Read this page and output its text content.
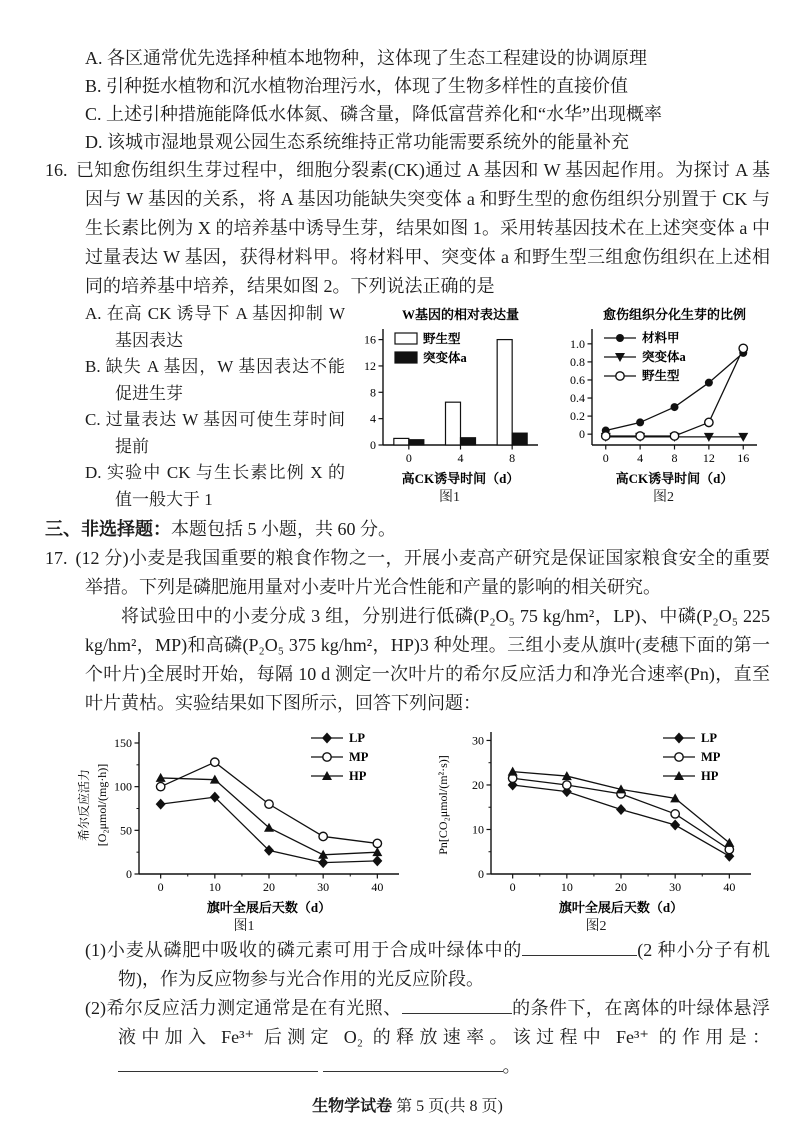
A. 各区通常优先选择种植本地物种，这体现了生态工程建设的协调原理
B. 引种挺水植物和沉水植物治理污水，体现了生物多样性的直接价值
C. 上述引种措施能降低水体氮、磷含量，降低富营养化和“水华”出现概率
D. 该城市湿地景观公园生态系统维持正常功能需要系统外的能量补充
16. 已知愈伤组织生芽过程中，细胞分裂素(CK)通过 A 基因和 W 基因起作用。为探讨 A 基因与 W 基因的关系，将 A 基因功能缺失突变体 a 和野生型的愈伤组织分别置于 CK 与生长素比例为 X 的培养基中诱导生芽，结果如图 1。采用转基因技术在上述突变体 a 中过量表达 W 基因，获得材料甲。将材料甲、突变体 a 和野生型三组愈伤组织在上述相同的培养基中培养，结果如图 2。下列说法正确的是
A. 在高 CK 诱导下 A 基因抑制 W 基因表达
B. 缺失 A 基因，W 基因表达不能促进生芽
C. 过量表达 W 基因可使生芽时间提前
D. 实验中 CK 与生长素比例 X 的值一般大于 1
0
4
8
12
16
0	4	8
W基因的相对表达量
高CK诱导时间（d）
野生型
突变体a
图1
0
0.2
0.4
0.6
0.8
1.0
0 4 8 12 16
愈伤组织分化生芽的比例
高CK诱导时间（d）
材料甲
突变体a
野生型
图2
三、非选择题：本题包括 5 小题，共 60 分。
17. (12 分)小麦是我国重要的粮食作物之一，开展小麦高产研究是保证国家粮食安全的重要举措。下列是磷肥施用量对小麦叶片光合性能和产量的影响的相关研究。
将试验田中的小麦分成 3 组，分别进行低磷(P₂O₅ 75 kg/hm²，LP)、中磷(P₂O₅ 225 kg/hm²，MP)和高磷(P₂O₅ 375 kg/hm²，HP)3 种处理。三组小麦从旗叶(麦穗下面的第一个叶片)全展时开始，每隔 10 d 测定一次叶片的希尔反应活力和净光合速率(Pn)，直至叶片黄枯。实验结果如下图所示，回答下列问题：
0
50
100
150
0	10	20	30	40
旗叶全展后天数（d）
希尔反应活力 [O₂μmol/(mg·h)]
LP
MP
HP
图1
0
10
20
30
0	10	20	30	40
旗叶全展后天数（d）
Pn[CO₂μmol/(m²·s)]
LP
MP
HP
图2
(1)小麦从磷肥中吸收的磷元素可用于合成叶绿体中的	(2 种小分子有机物)，作为反应物参与光合作用的光反应阶段。
(2)希尔反应活力测定通常是在有光照、	的条件下，在离体的叶绿体悬浮液中加入 Fe³⁺ 后测定 O₂ 的释放速率。该过程中 Fe³⁺ 的作用是： 。
生物学试卷 第 5 页(共 8 页)
